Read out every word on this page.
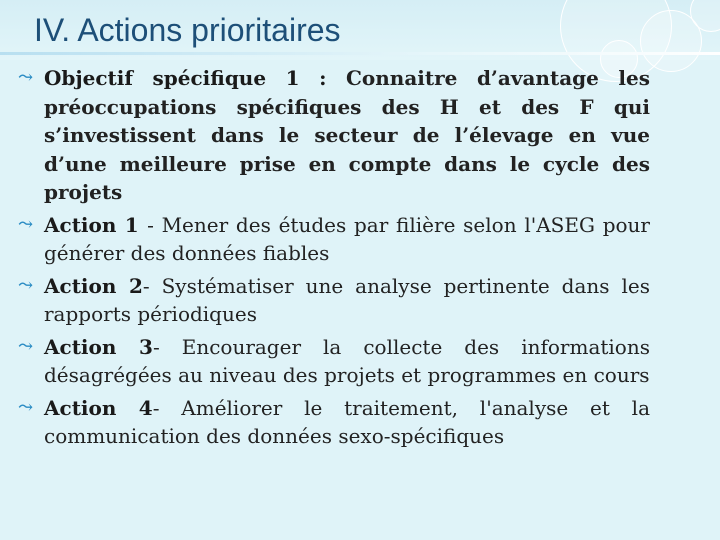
IV. Actions prioritaires
⤳ Objectif spécifique 1 : Connaitre d’avantage les préoccupations spécifiques des H et des F qui s’investissent dans le secteur de l’élevage en vue d’une meilleure prise en compte dans le cycle des projets
⤳ Action 1 - Mener des études par filière selon l'ASEG pour générer des données fiables
⤳ Action 2- Systématiser une analyse pertinente dans les rapports périodiques
⤳ Action 3- Encourager la collecte des informations désagrégées au niveau des projets et programmes en cours
⤳ Action 4- Améliorer le traitement, l'analyse et la communication des données sexo-spécifiques
